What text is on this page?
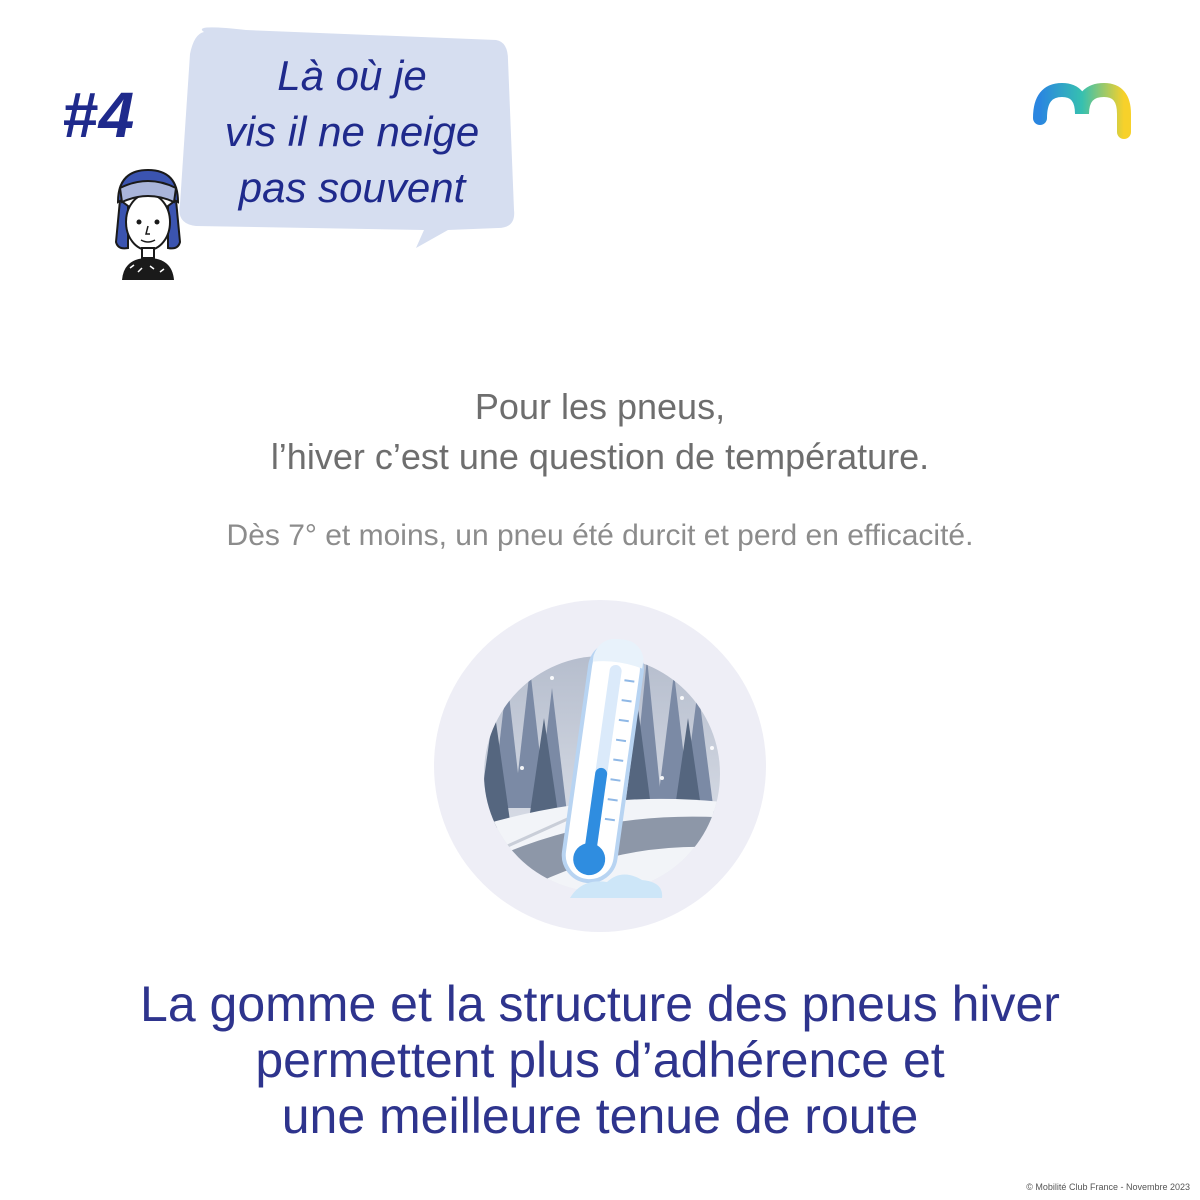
#4
Là où je
vis il ne neige
pas souvent
Pour les pneus,
l’hiver c’est une question de température.
Dès 7° et moins, un pneu été durcit et perd en efficacité.
La gomme et la structure des pneus hiver
permettent plus d’adhérence et
une meilleure tenue de route
© Mobilité Club France - Novembre 2023
